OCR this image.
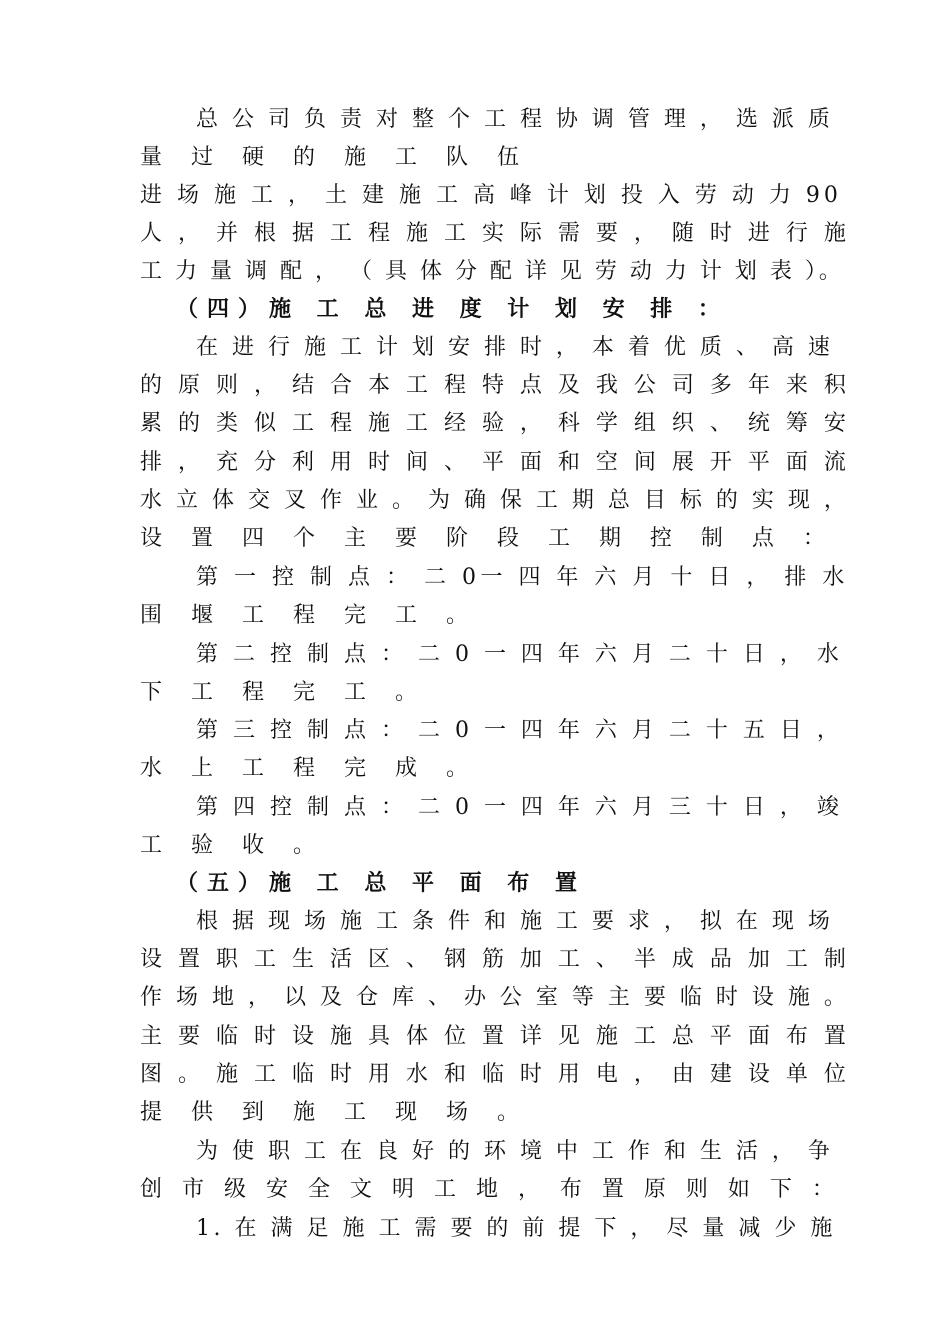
总 公 司 负 责 对 整 个 工 程 协 调 管 理 ， 选 派 质
量 过 硬 的 施 工 队 伍
进 场 施 工 ， 土 建 施 工 高 峰 计 划 投 入 劳 动 力 90
人 ， 并 根 据 工 程 施 工 实 际 需 要 ， 随 时 进 行 施
工 力 量 调 配 ， （ 具 体 分 配 详 见 劳 动 力 计 划 表 ）。
（四）施 工 总 进 度 计 划 安 排 ：
在 进 行 施 工 计 划 安 排 时 ， 本 着 优 质 、 高 速
的 原 则 ， 结 合 本 工 程 特 点 及 我 公 司 多 年 来 积
累 的 类 似 工 程 施 工 经 验 ， 科 学 组 织 、 统 筹 安
排 ， 充 分 利 用 时 间 、 平 面 和 空 间 展 开 平 面 流
水 立 体 交 叉 作 业 。 为 确 保 工 期 总 目 标 的 实 现 ，
设 置 四 个 主 要 阶 段 工 期 控 制 点 ：
第 一 控 制 点 ： 二 0一 四 年 六 月 十 日 ， 排 水
围 堰 工 程 完 工 。
第 二 控 制 点 ： 二 0 一 四 年 六 月 二 十 日 ， 水
下 工 程 完 工 。
第 三 控 制 点 ： 二 0 一 四 年 六 月 二 十 五 日 ，
水 上 工 程 完 成 。
第 四 控 制 点 ： 二 0 一 四 年 六 月 三 十 日 ， 竣
工 验 收 。
（五）施 工 总 平 面 布 置
根 据 现 场 施 工 条 件 和 施 工 要 求 ， 拟 在 现 场
设 置 职 工 生 活 区 、 钢 筋 加 工 、 半 成 品 加 工 制
作 场 地 ， 以 及 仓 库 、 办 公 室 等 主 要 临 时 设 施 。
主 要 临 时 设 施 具 体 位 置 详 见 施 工 总 平 面 布 置
图 。 施 工 临 时 用 水 和 临 时 用 电 ， 由 建 设 单 位
提 供 到 施 工 现 场 。
为 使 职 工 在 良 好 的 环 境 中 工 作 和 生 活 ， 争
创 市 级 安 全 文 明 工 地 ， 布 置 原 则 如 下 ：
1. 在 满 足 施 工 需 要 的 前 提 下 ， 尽 量 减 少 施
